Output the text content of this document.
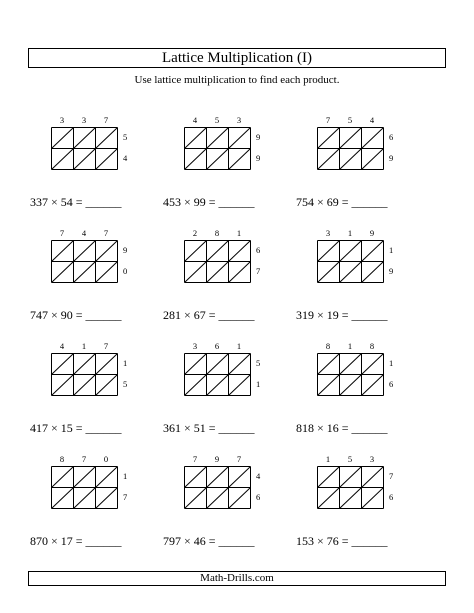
Lattice Multiplication (I)
Use lattice multiplication to find each product.
3	3	7
5
4
337 × 54 = ______
4	5	3
9
9
453 × 99 = ______
7	5	4
6
9
754 × 69 = ______
7	4	7
9
0
747 × 90 = ______
2	8	1
6
7
281 × 67 = ______
3	1	9
1
9
319 × 19 = ______
4	1	7
1
5
417 × 15 = ______
3	6	1
5
1
361 × 51 = ______
8	1	8
1
6
818 × 16 = ______
8	7	0
1
7
870 × 17 = ______
7	9	7
4
6
797 × 46 = ______
1	5	3
7
6
153 × 76 = ______
Math-Drills.com
